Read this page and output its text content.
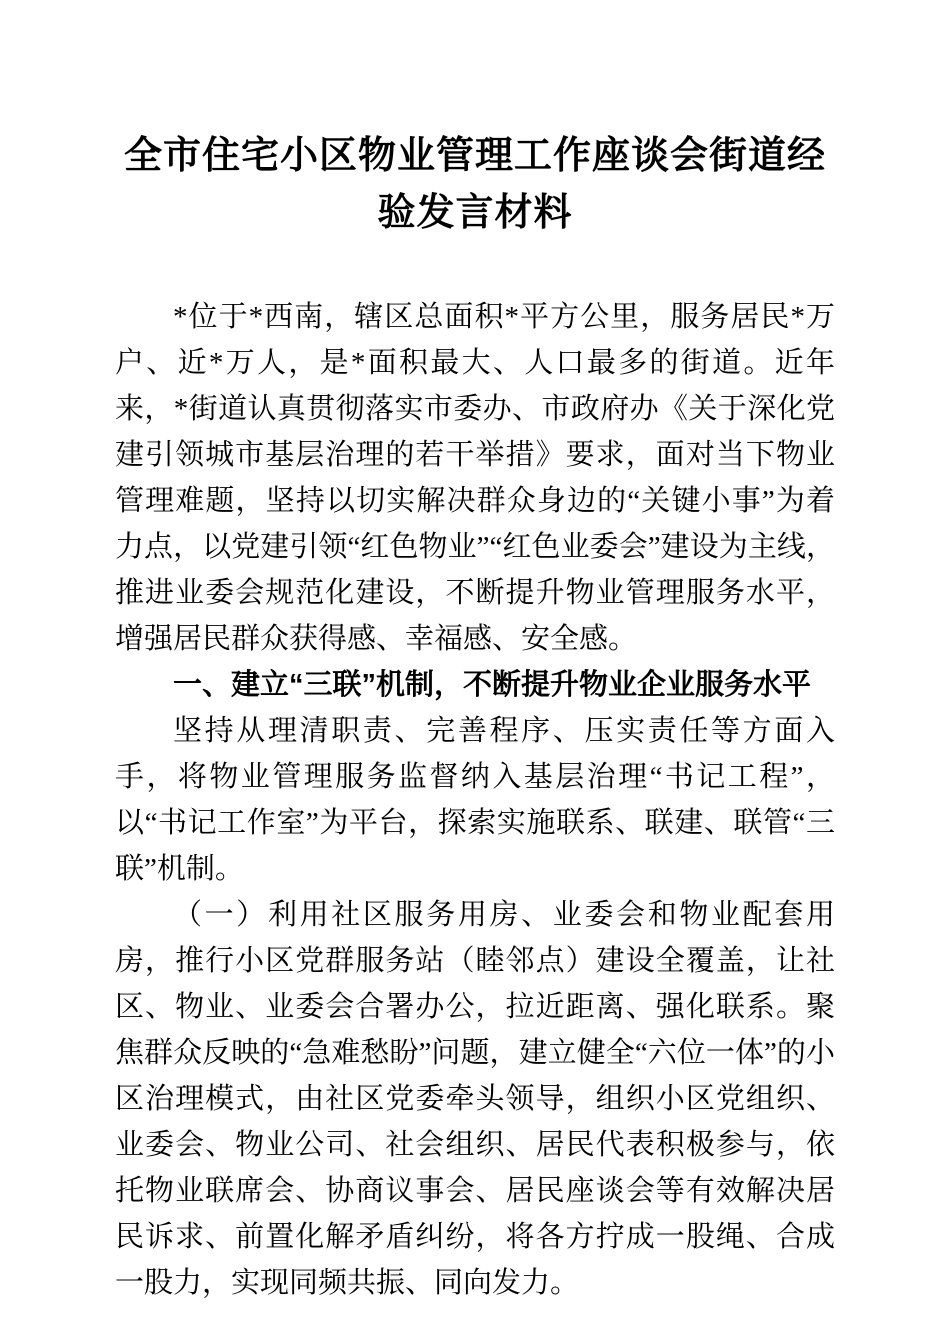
全市住宅小区物业管理工作座谈会街道经验发言材料

*位于*西南，辖区总面积*平方公里，服务居民*万户、近*万人，是*面积最大、人口最多的街道。近年来，*街道认真贯彻落实市委办、市政府办《关于深化党建引领城市基层治理的若干举措》要求，面对当下物业管理难题，坚持以切实解决群众身边的“关键小事”为着力点，以党建引领“红色物业”“红色业委会”建设为主线，推进业委会规范化建设，不断提升物业管理服务水平，增强居民群众获得感、幸福感、安全感。

一、建立“三联”机制，不断提升物业企业服务水平

坚持从理清职责、完善程序、压实责任等方面入手，将物业管理服务监督纳入基层治理“书记工程”，以“书记工作室”为平台，探索实施联系、联建、联管“三联”机制。

（一）利用社区服务用房、业委会和物业配套用房，推行小区党群服务站（睦邻点）建设全覆盖，让社区、物业、业委会合署办公，拉近距离、强化联系。聚焦群众反映的“急难愁盼”问题，建立健全“六位一体”的小区治理模式，由社区党委牵头领导，组织小区党组织、业委会、物业公司、社会组织、居民代表积极参与，依托物业联席会、协商议事会、居民座谈会等有效解决居民诉求、前置化解矛盾纠纷，将各方拧成一股绳、合成一股力，实现同频共振、同向发力。
